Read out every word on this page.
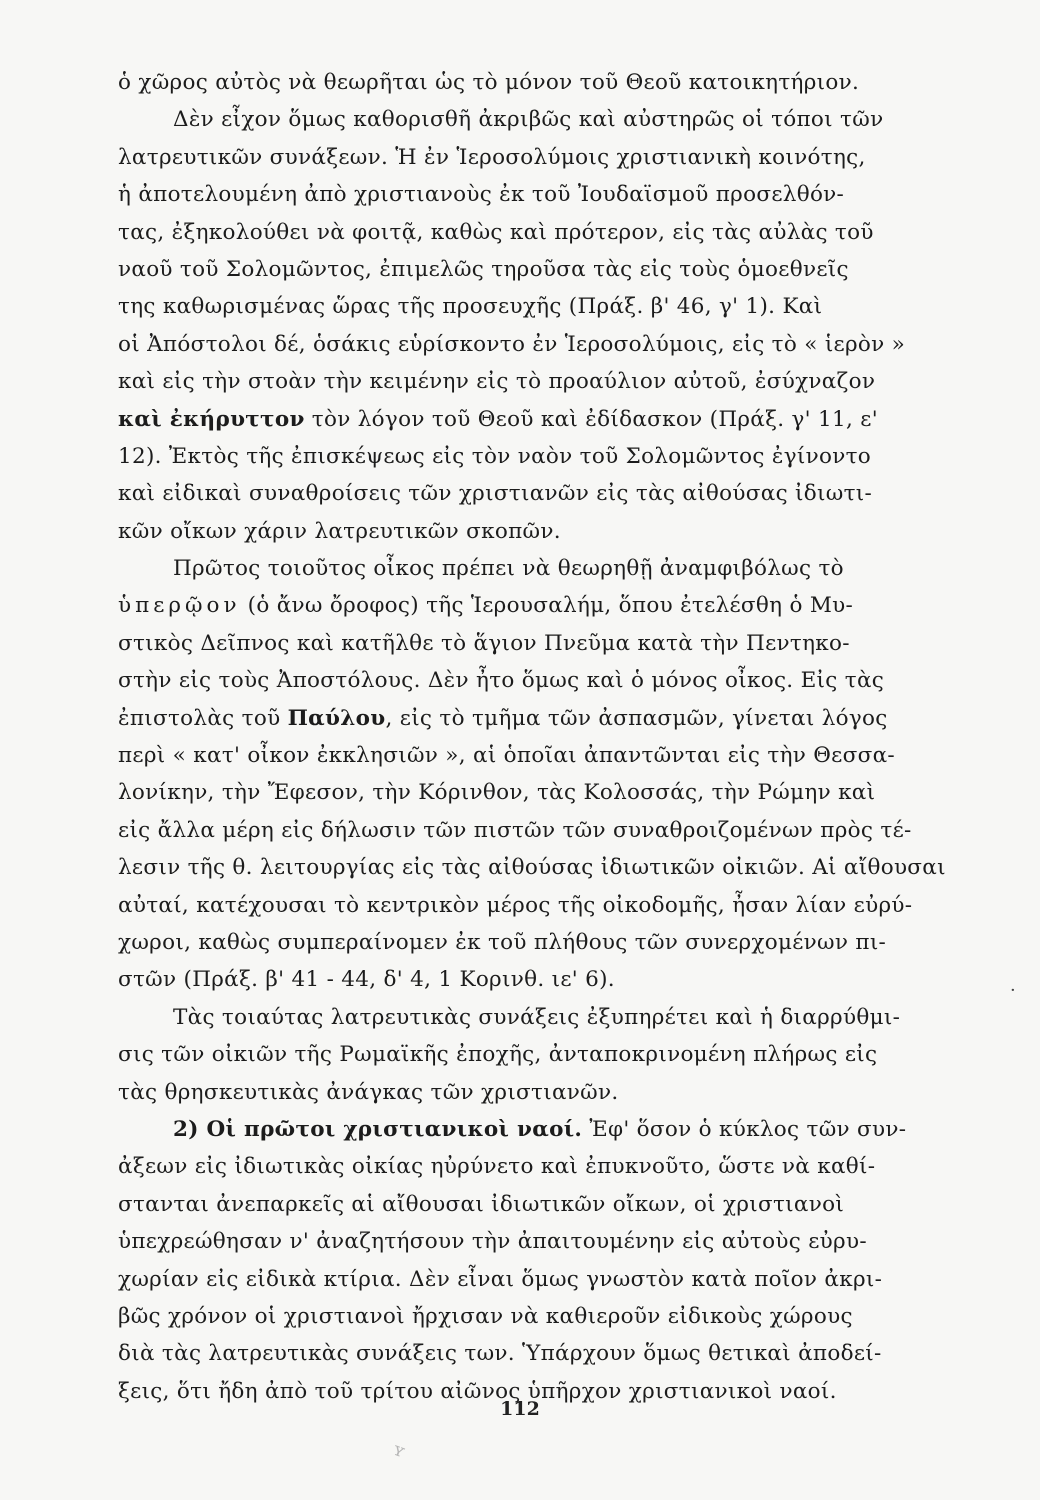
ὁ χῶρος αὐτὸς νὰ θεωρῆται ὡς τὸ μόνον τοῦ Θεοῦ κατοικητήριον.
Δὲν εἶχον ὅμως καθορισθῆ ἀκριβῶς καὶ αὐστηρῶς οἱ τόποι τῶν
λατρευτικῶν συνάξεων. Ἡ ἐν Ἱεροσολύμοις χριστιανικὴ κοινότης,
ἡ ἀποτελουμένη ἀπὸ χριστιανοὺς ἐκ τοῦ Ἰουδαϊσμοῦ προσελθόν-
τας, ἐξηκολούθει νὰ φοιτᾷ, καθὼς καὶ πρότερον, εἰς τὰς αὐλὰς τοῦ
ναοῦ τοῦ Σολομῶντος, ἐπιμελῶς τηροῦσα τὰς εἰς τοὺς ὁμοεθνεῖς
της καθωρισμένας ὥρας τῆς προσευχῆς (Πράξ. β' 46, γ' 1). Καὶ
οἱ Ἀπόστολοι δέ, ὁσάκις εὑρίσκοντο ἐν Ἱεροσολύμοις, εἰς τὸ « ἱερὸν »
καὶ εἰς τὴν στοὰν τὴν κειμένην εἰς τὸ προαύλιον αὐτοῦ, ἐσύχναζον
καὶ ἐκήρυττον τὸν λόγον τοῦ Θεοῦ καὶ ἐδίδασκον (Πράξ. γ' 11, ε'
12). Ἐκτὸς τῆς ἐπισκέψεως εἰς τὸν ναὸν τοῦ Σολομῶντος ἐγίνοντο
καὶ εἰδικαὶ συναθροίσεις τῶν χριστιανῶν εἰς τὰς αἰθούσας ἰδιωτι-
κῶν οἴκων χάριν λατρευτικῶν σκοπῶν.
Πρῶτος τοιοῦτος οἶκος πρέπει νὰ θεωρηθῇ ἀναμφιβόλως τὸ
ὑπερῷον (ὁ ἄνω ὄροφος) τῆς Ἱερουσαλήμ, ὅπου ἐτελέσθη ὁ Μυ-
στικὸς Δεῖπνος καὶ κατῆλθε τὸ ἅγιον Πνεῦμα κατὰ τὴν Πεντηκο-
στὴν εἰς τοὺς Ἀποστόλους. Δὲν ἦτο ὅμως καὶ ὁ μόνος οἶκος. Εἰς τὰς
ἐπιστολὰς τοῦ Παύλου, εἰς τὸ τμῆμα τῶν ἀσπασμῶν, γίνεται λόγος
περὶ « κατ' οἶκον ἐκκλησιῶν », αἱ ὁποῖαι ἀπαντῶνται εἰς τὴν Θεσσα-
λονίκην, τὴν Ἔφεσον, τὴν Κόρινθον, τὰς Κολοσσάς, τὴν Ρώμην καὶ
εἰς ἄλλα μέρη εἰς δήλωσιν τῶν πιστῶν τῶν συναθροιζομένων πρὸς τέ-
λεσιν τῆς θ. λειτουργίας εἰς τὰς αἰθούσας ἰδιωτικῶν οἰκιῶν. Αἱ αἴθουσαι
αὐταί, κατέχουσαι τὸ κεντρικὸν μέρος τῆς οἰκοδομῆς, ἦσαν λίαν εὐρύ-
χωροι, καθὼς συμπεραίνομεν ἐκ τοῦ πλήθους τῶν συνερχομένων πι-
στῶν (Πράξ. β' 41 - 44, δ' 4, 1 Κορινθ. ιε' 6).
Τὰς τοιαύτας λατρευτικὰς συνάξεις ἐξυπηρέτει καὶ ἡ διαρρύθμι-
σις τῶν οἰκιῶν τῆς Ρωμαϊκῆς ἐποχῆς, ἀνταποκρινομένη πλήρως εἰς
τὰς θρησκευτικὰς ἀνάγκας τῶν χριστιανῶν.
2) Οἱ πρῶτοι χριστιανικοὶ ναοί. Ἐφ' ὅσον ὁ κύκλος τῶν συν-
ἀξεων εἰς ἰδιωτικὰς οἰκίας ηὐρύνετο καὶ ἐπυκνοῦτο, ὥστε νὰ καθί-
στανται ἀνεπαρκεῖς αἱ αἴθουσαι ἰδιωτικῶν οἴκων, οἱ χριστιανοὶ
ὑπεχρεώθησαν ν' ἀναζητήσουν τὴν ἀπαιτουμένην εἰς αὐτοὺς εὐρυ-
χωρίαν εἰς εἰδικὰ κτίρια. Δὲν εἶναι ὅμως γνωστὸν κατὰ ποῖον ἀκρι-
βῶς χρόνον οἱ χριστιανοὶ ἤρχισαν νὰ καθιεροῦν εἰδικοὺς χώρους
διὰ τὰς λατρευτικὰς συνάξεις των. Ὑπάρχουν ὅμως θετικαὶ ἀποδεί-
ξεις, ὅτι ἤδη ἀπὸ τοῦ τρίτου αἰῶνος ὑπῆρχον χριστιανικοὶ ναοί.
·
112
ʏ
